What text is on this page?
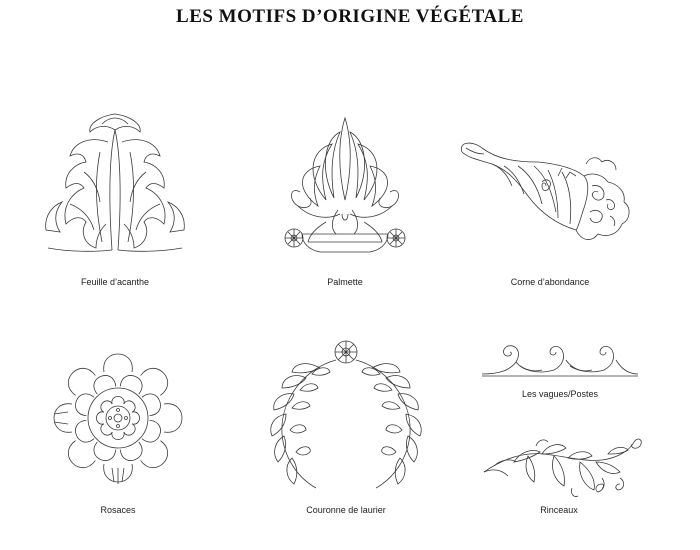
LES MOTIFS D’ORIGINE VÉGÉTALE
Feuille d’acanthe	Palmette	Corne d’abondance
Rosaces	Couronne de laurier
Les vagues/Postes
Rinceaux
